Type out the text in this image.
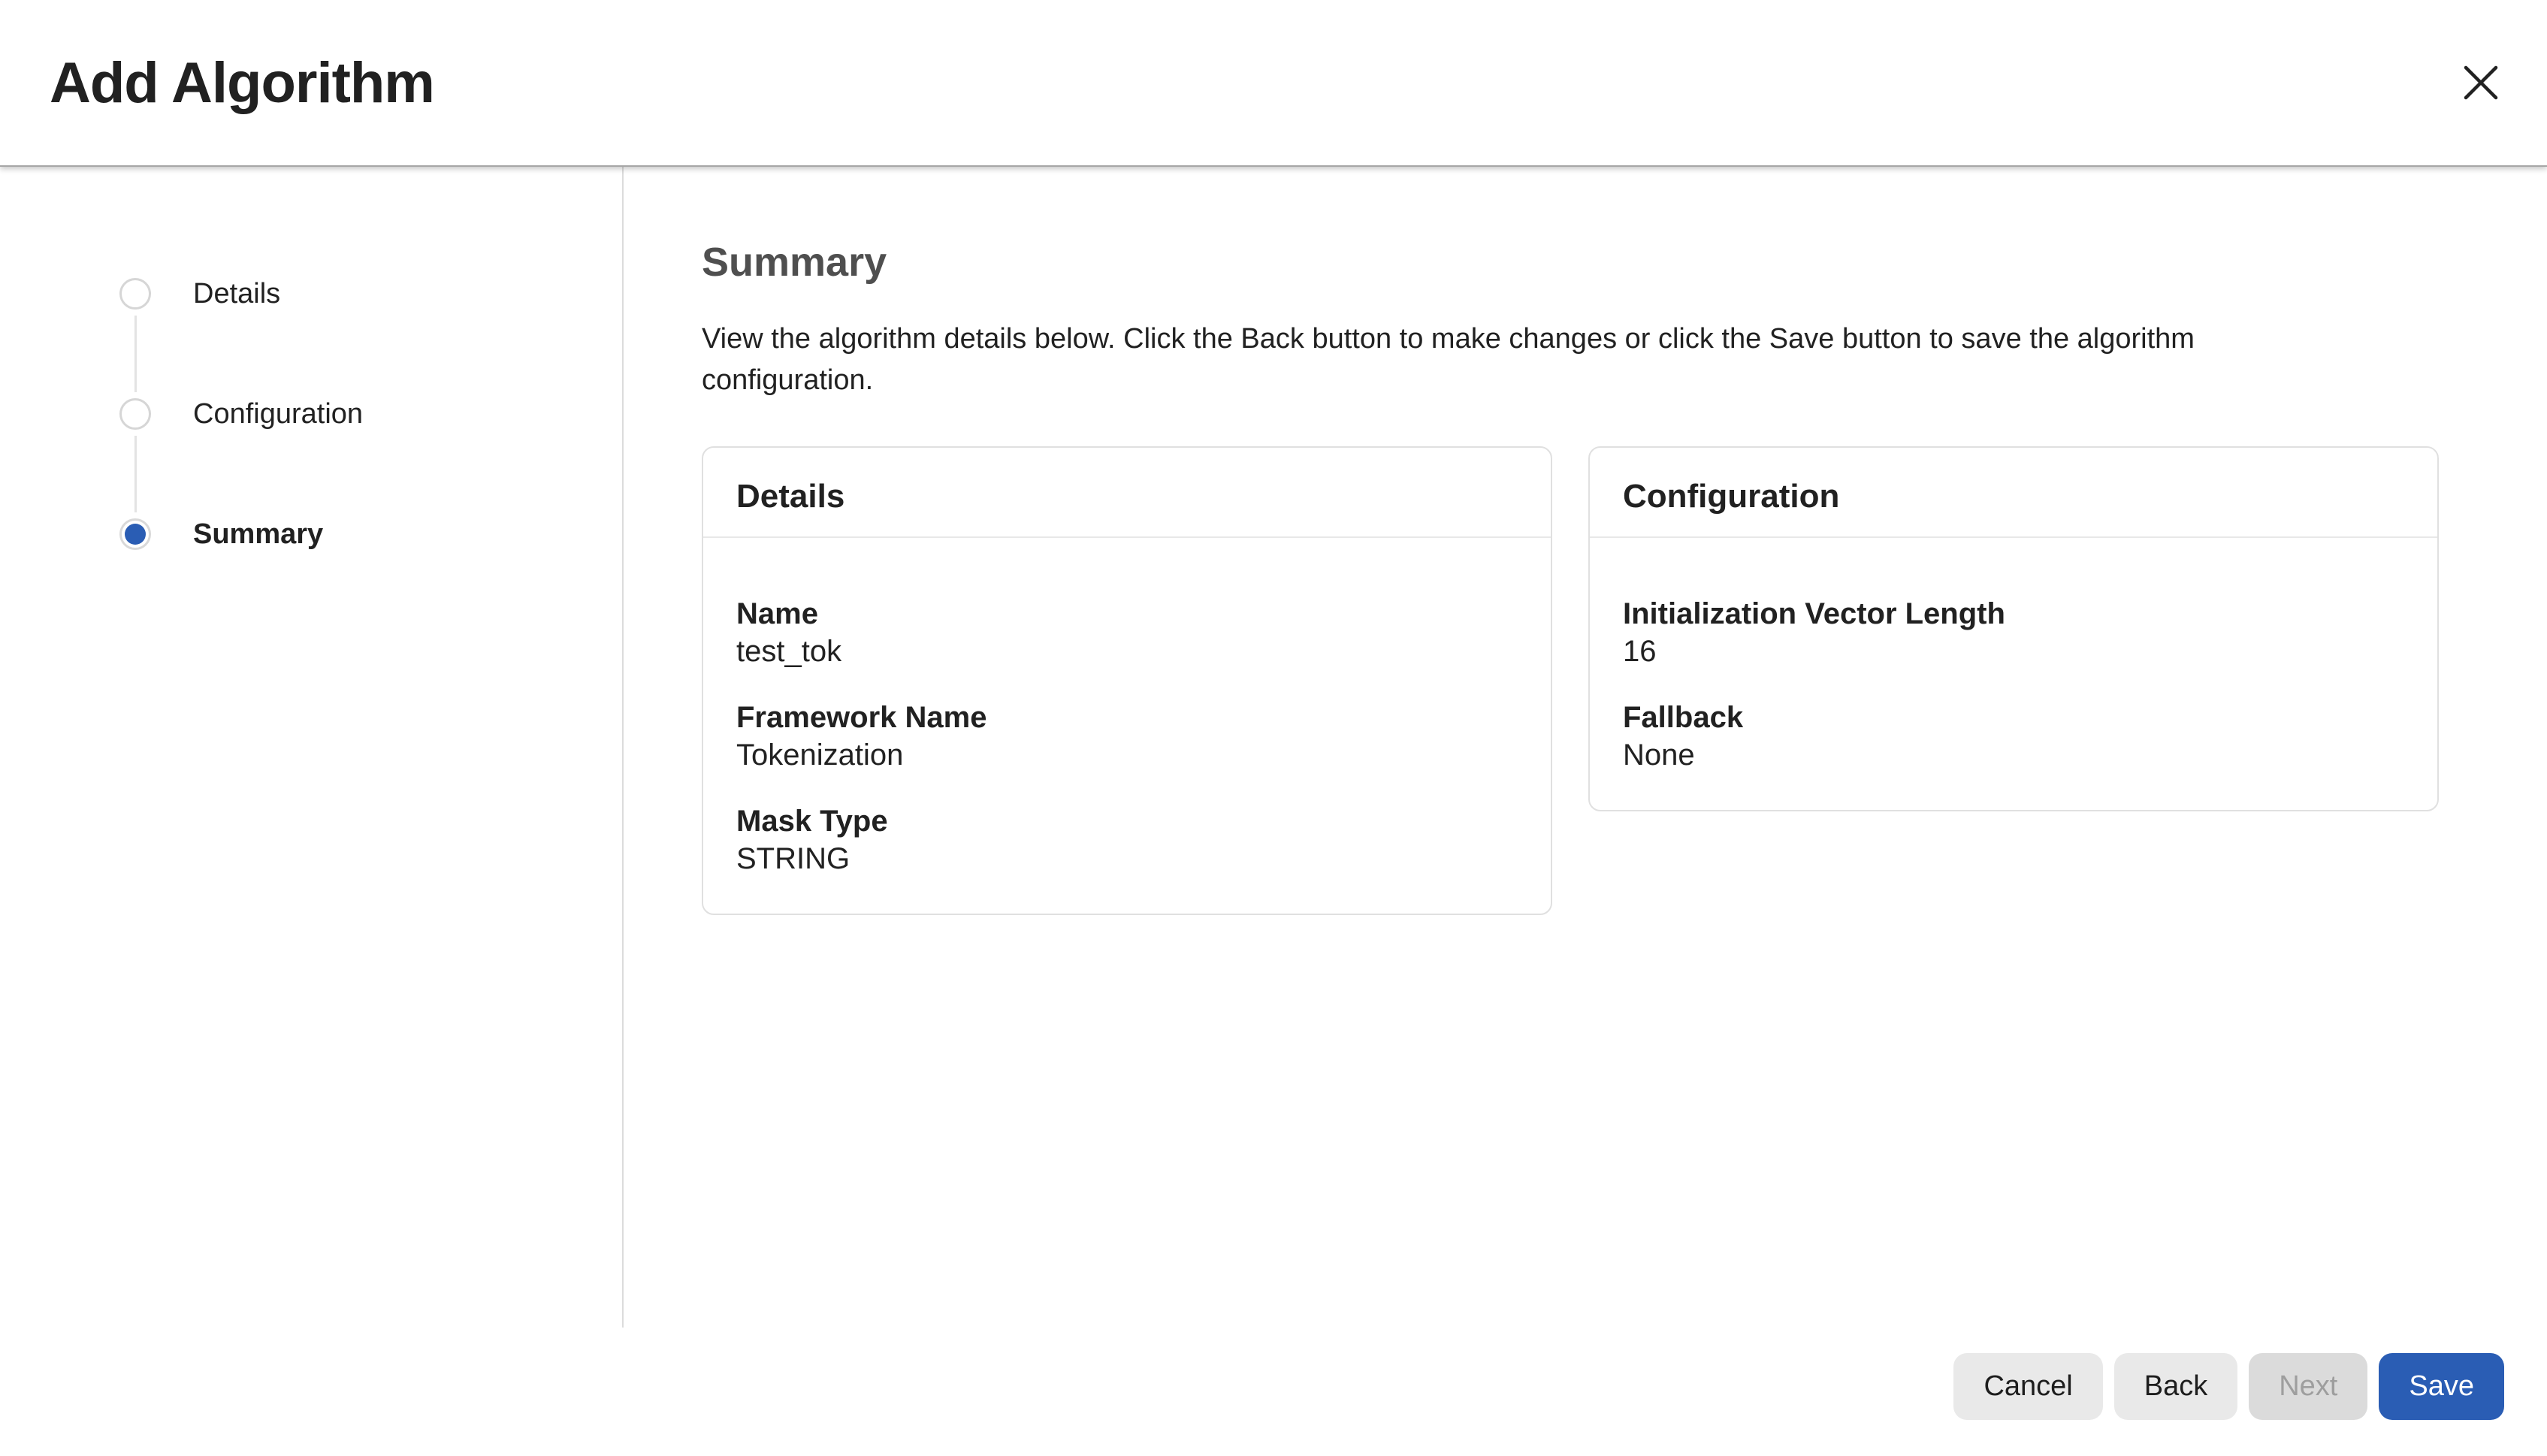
Add Algorithm
Details
Configuration
Summary
Summary
View the algorithm details below. Click the Back button to make changes or click the Save button to save the algorithm configuration.
Details
Name
test_tok
Framework Name
Tokenization
Mask Type
STRING
Configuration
Initialization Vector Length
16
Fallback
None
Cancel	Back	Next	Save
